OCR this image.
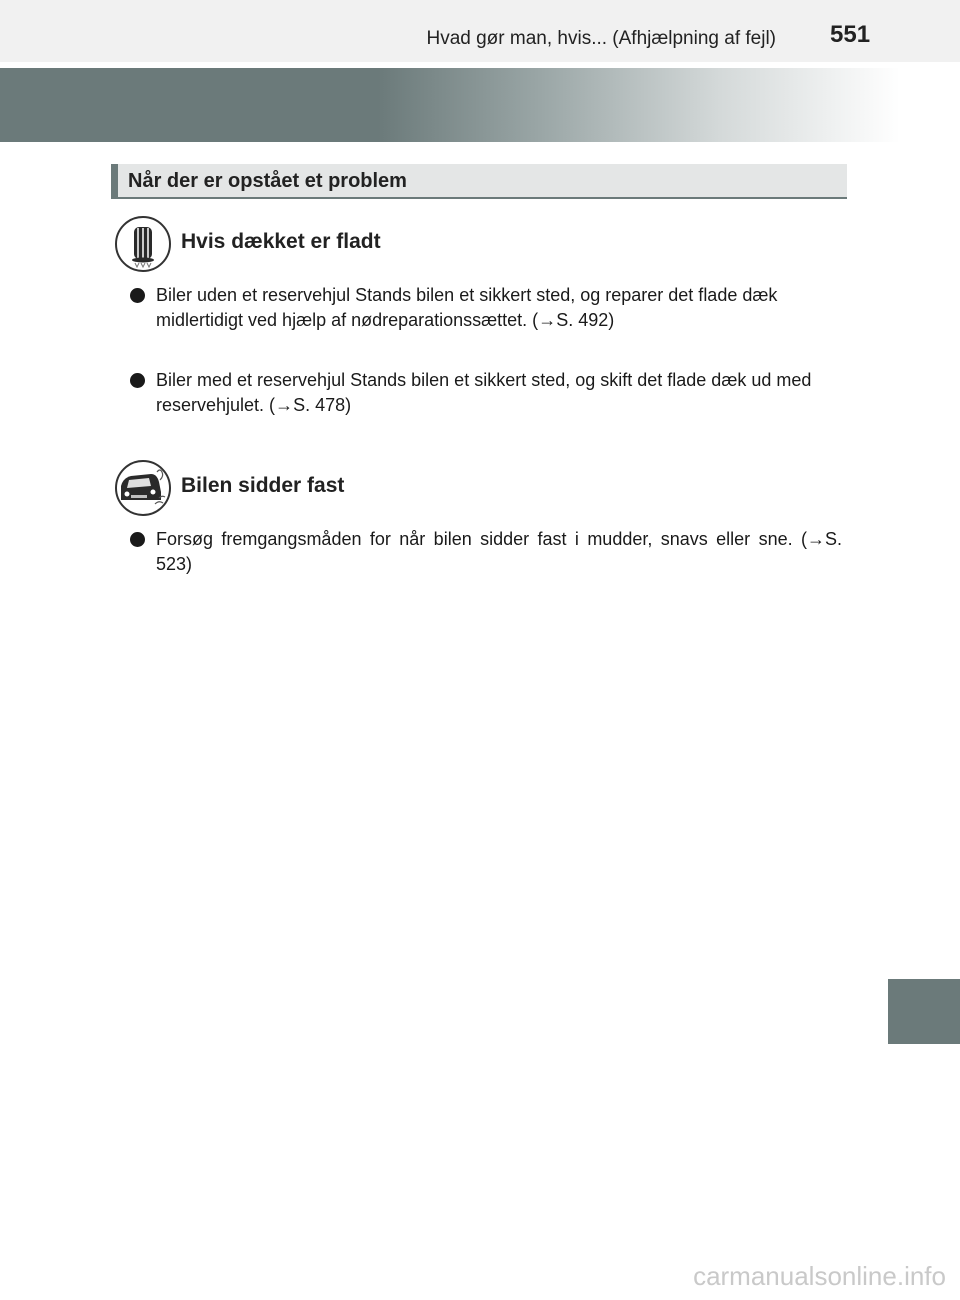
Hvad gør man, hvis... (Afhjælpning af fejl) 551
Når der er opstået et problem
Hvis dækket er fladt
Biler uden et reservehjul Stands bilen et sikkert sted, og reparer det flade dæk midlertidigt ved hjælp af nødreparationssættet. (→S. 492)
Biler med et reservehjul Stands bilen et sikkert sted, og skift det flade dæk ud med reservehjulet. (→S. 478)
Bilen sidder fast
Forsøg fremgangsmåden for når bilen sidder fast i mudder, snavs eller sne. (→S. 523)
carmanualsonline.info
